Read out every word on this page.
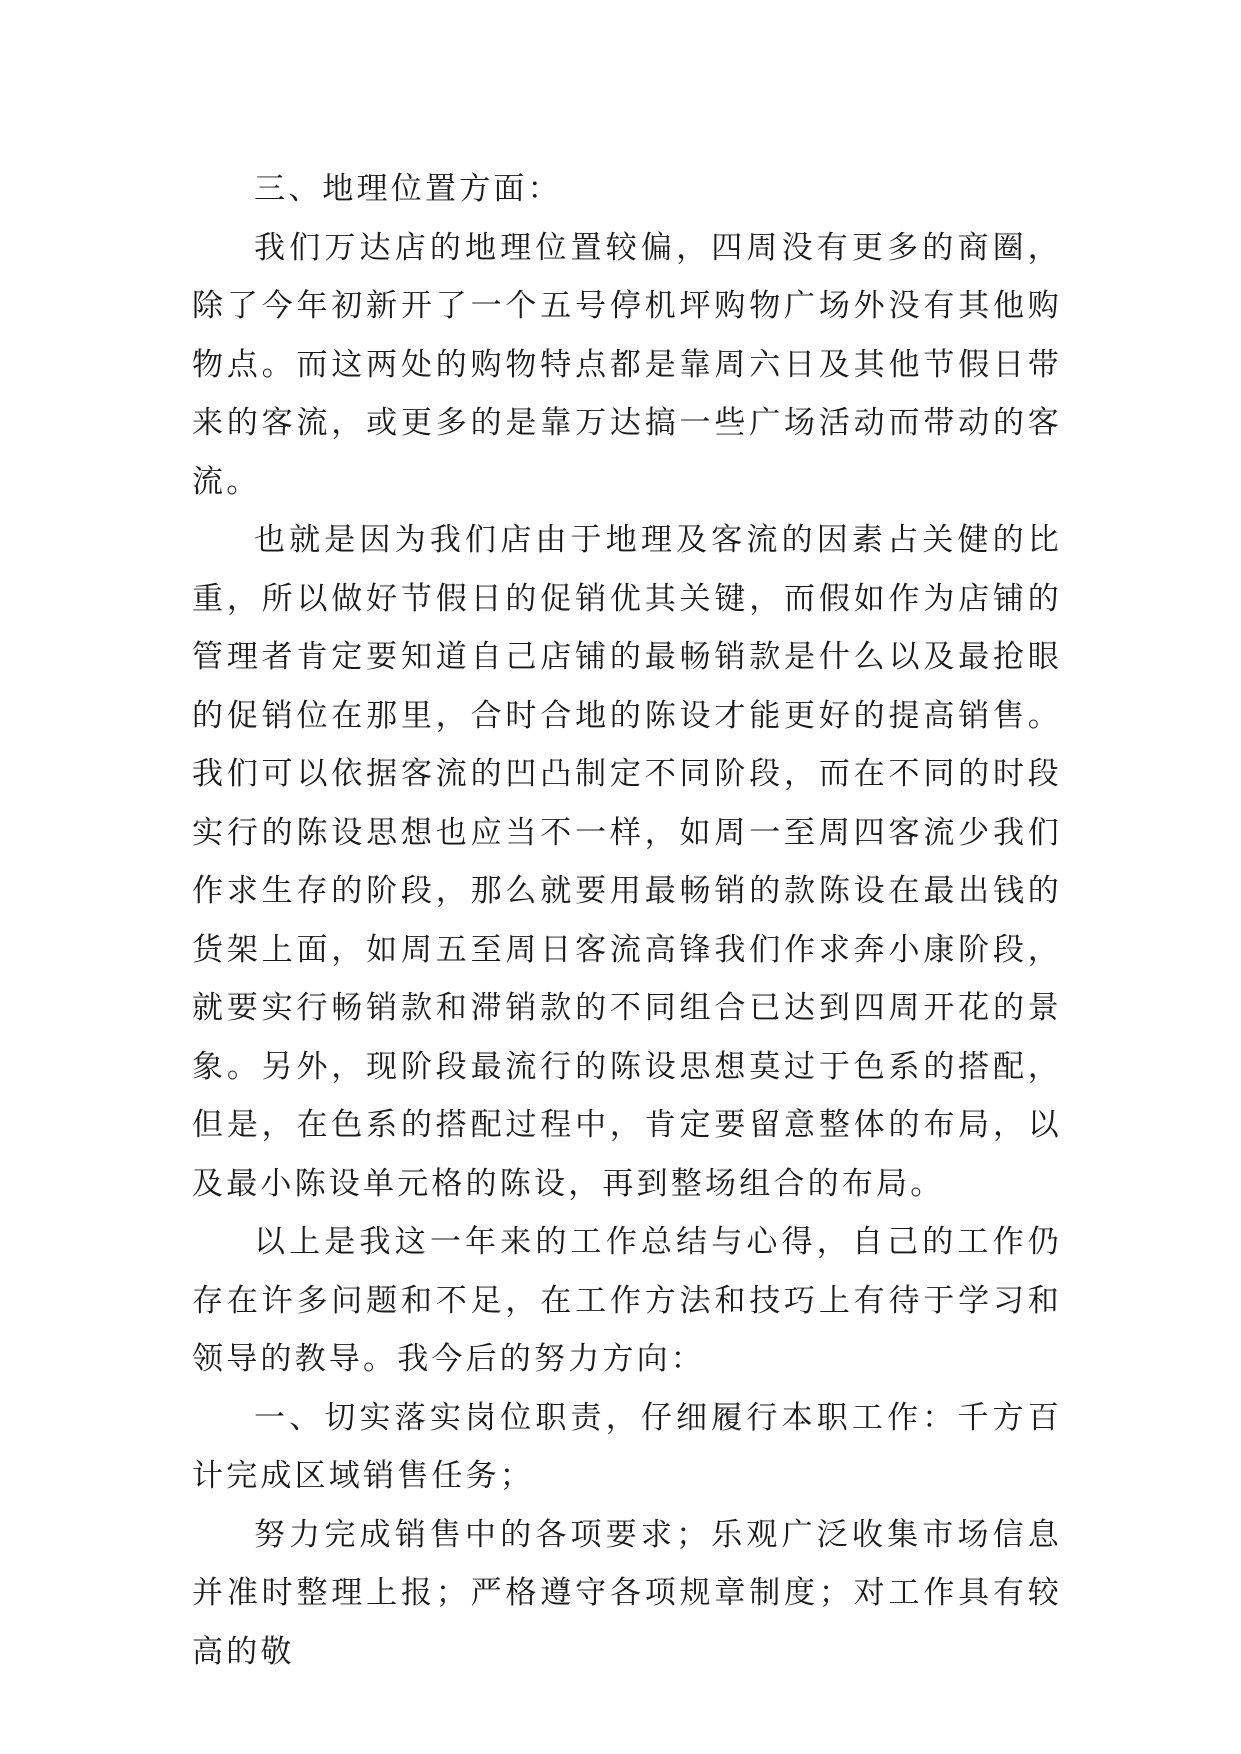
三、地理位置方面：

我们万达店的地理位置较偏，四周没有更多的商圈，除了今年初新开了一个五号停机坪购物广场外没有其他购物点。而这两处的购物特点都是靠周六日及其他节假日带来的客流，或更多的是靠万达搞一些广场活动而带动的客流。

也就是因为我们店由于地理及客流的因素占关健的比重，所以做好节假日的促销优其关键，而假如作为店铺的管理者肯定要知道自己店铺的最畅销款是什么以及最抢眼的促销位在那里，合时合地的陈设才能更好的提高销售。我们可以依据客流的凹凸制定不同阶段，而在不同的时段实行的陈设思想也应当不一样，如周一至周四客流少我们作求生存的阶段，那么就要用最畅销的款陈设在最出钱的货架上面，如周五至周日客流高锋我们作求奔小康阶段，就要实行畅销款和滞销款的不同组合已达到四周开花的景象。另外，现阶段最流行的陈设思想莫过于色系的搭配，但是，在色系的搭配过程中，肯定要留意整体的布局，以及最小陈设单元格的陈设，再到整场组合的布局。

以上是我这一年来的工作总结与心得，自己的工作仍存在许多问题和不足，在工作方法和技巧上有待于学习和领导的教导。我今后的努力方向：

一、切实落实岗位职责，仔细履行本职工作：千方百计完成区域销售任务；

努力完成销售中的各项要求；乐观广泛收集市场信息并准时整理上报；严格遵守各项规章制度；对工作具有较高的敬
